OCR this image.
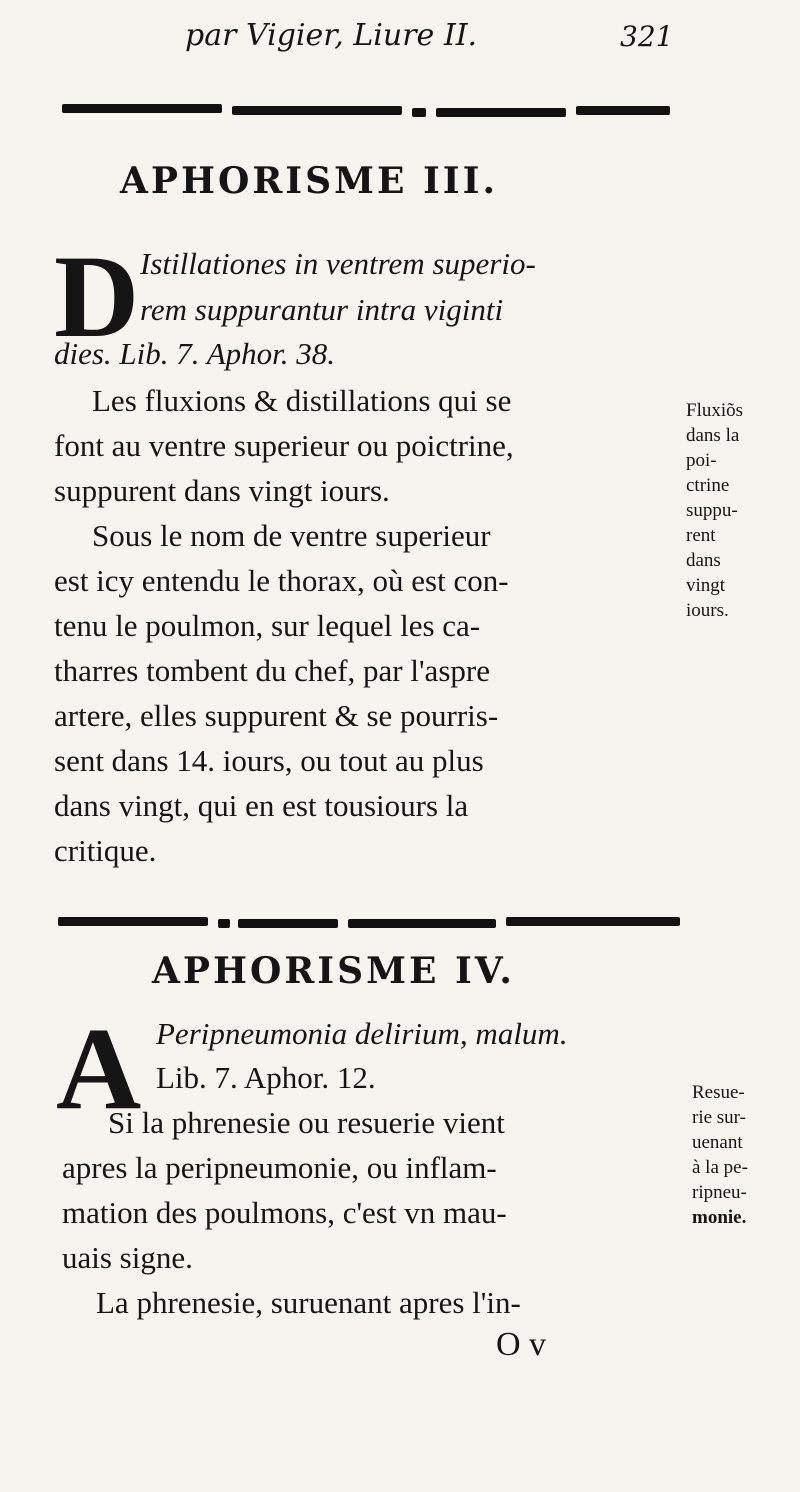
par Vigier, Liure II.	321
APHORISME III.
D Istillationes in ventrem superio-
rem suppurantur intra viginti
dies. Lib. 7. Aphor. 38.
Les fluxions & distillations qui se
font au ventre superieur ou poictrine,
suppurent dans vingt iours.
Sous le nom de ventre superieur
est icy entendu le thorax, où est con-
tenu le poulmon, sur lequel les ca-
tharres tombent du chef, par l'aspre
artere, elles suppurent & se pourris-
sent dans 14. iours, ou tout au plus
dans vingt, qui en est tousiours la
critique.
Fluxiõs
dans la
poi-
ctrine
suppu-
rent
dans
vingt
iours.
APHORISME IV.
A Peripneumonia delirium, malum.
Lib. 7. Aphor. 12.
Si la phrenesie ou resuerie vient
apres la peripneumonie, ou inflam-
mation des poulmons, c'est vn mau-
uais signe.
La phrenesie, suruenant apres l'in-
Resue-
rie sur-
uenant
à la pe-
ripneu-
monie.
O v
